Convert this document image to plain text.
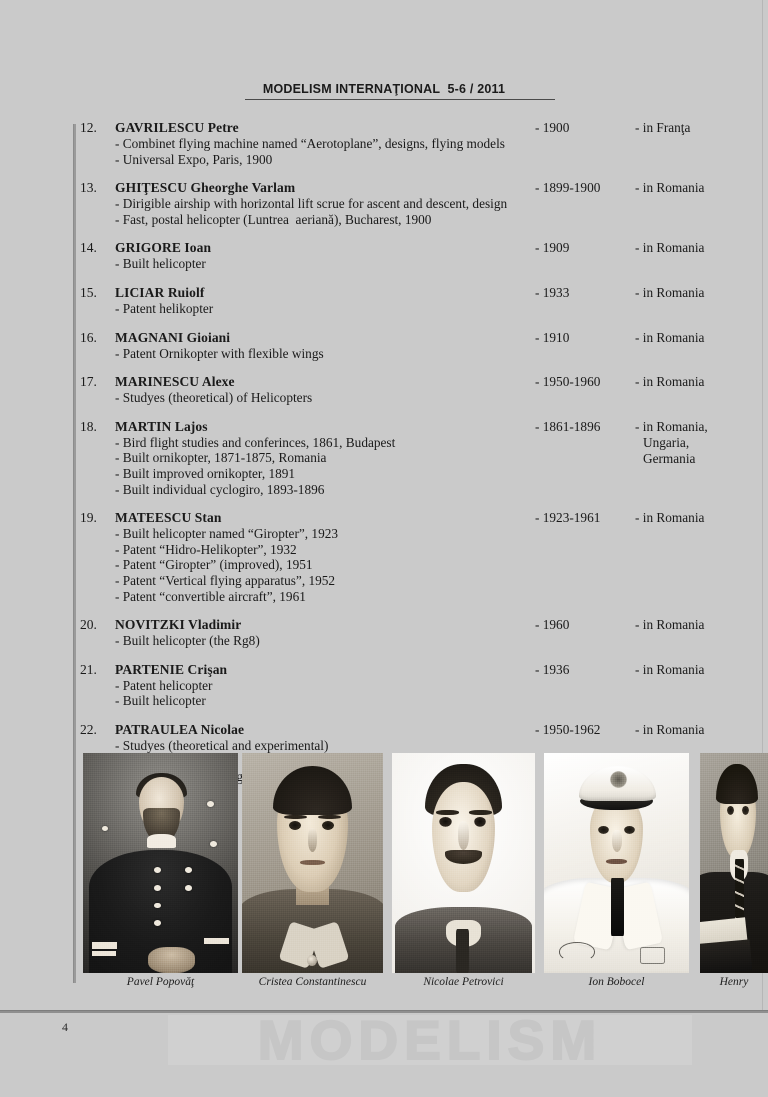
MODELISM INTERNAŢIONAL 5-6 / 2011
12.	GAVRILESCU Petre
- Combinet flying machine named “Aerotoplane”, designs, flying models
- Universal Expo, Paris, 1900
- 1900	- in Franţa
13.	GHIŢESCU Gheorghe Varlam
- Dirigible airship with horizontal lift scrue for ascent and descent, design
- Fast, postal helicopter (Luntrea  aeriană), Bucharest, 1900
- 1899-1900	- in Romania
14.	GRIGORE Ioan
- Built helicopter
- 1909	- in Romania
15.	LICIAR Ruiolf
- Patent helikopter
- 1933	- in Romania
16.	MAGNANI Gioiani
- Patent Ornikopter with flexible wings
- 1910	- in Romania
17.	MARINESCU Alexe
- Studyes (theoretical) of Helicopters
- 1950-1960	- in Romania
18.	MARTIN Lajos
- Bird flight studies and conferinces, 1861, Budapest
- Built ornikopter, 1871-1875, Romania
- Built improved ornikopter, 1891
- Built individual cyclogiro, 1893-1896
- 1861-1896	- in Romania,
Ungaria,
Germania
19.	MATEESCU Stan
- Built helicopter named “Giropter”, 1923
- Patent “Hidro-Helikopter”, 1932
- Patent “Giropter” (improved), 1951
- Patent “Vertical flying apparatus”, 1952
- Patent “convertible aircraft”, 1961
- 1923-1961	- in Romania
20.	NOVITZKI Vladimir
- Built helicopter (the Rg8)
- 1960	- in Romania
21.	PARTENIE Crişan
- Patent helicopter
- Built helicopter
- 1936	- in Romania
22.	PATRAULEA Nicolae
- Studyes (theoretical and experimental)
- 1950-1962	- in Romania
Pavel Popovăţ	Cristea Constantinescu	Nicolae Petrovici	Ion Bobocel	Henry
MODELISM
4
